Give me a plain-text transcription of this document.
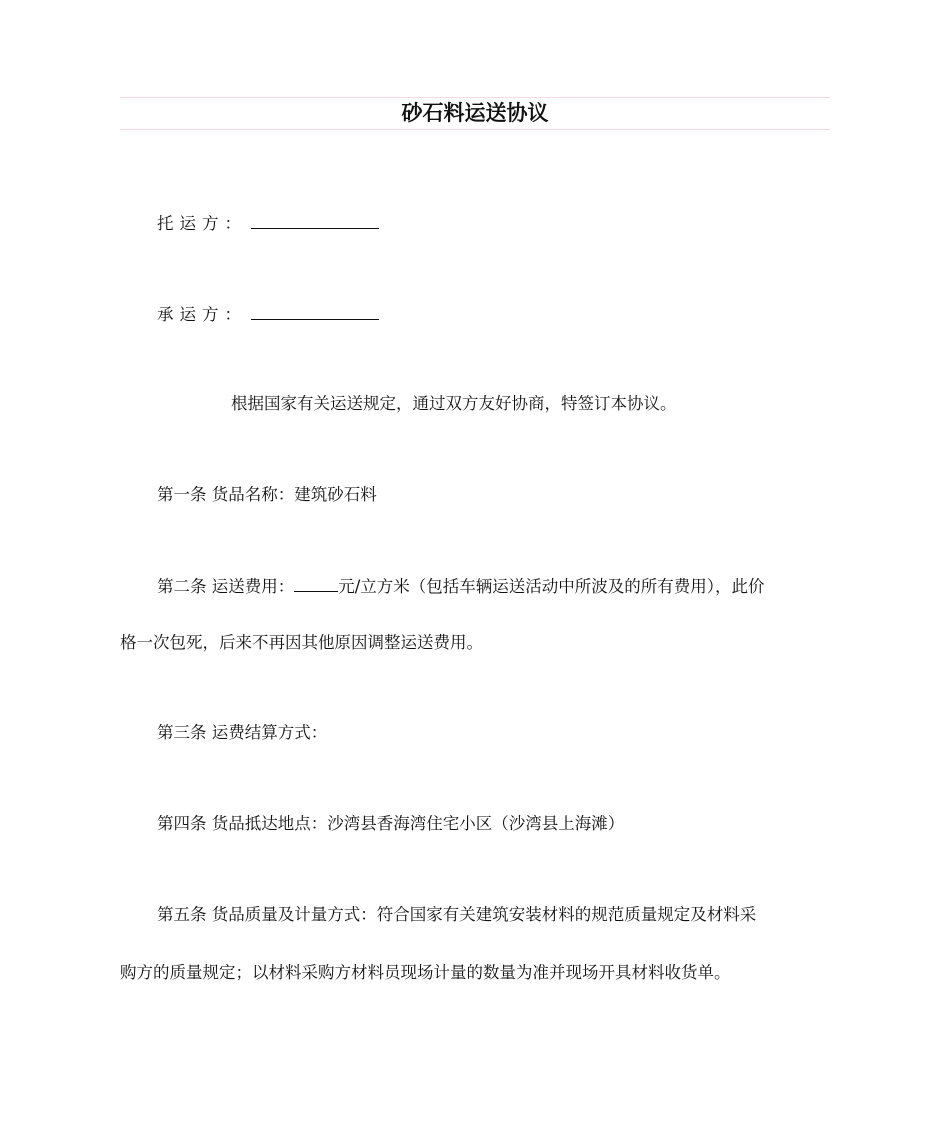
砂石料运送协议
托运方：
承运方：
根据国家有关运送规定，通过双方友好协商，特签订本协议。
第一条 货品名称：建筑砂石料
第二条 运送费用：	元/立方米（包括车辆运送活动中所波及的所有费用），此价
格一次包死，后来不再因其他原因调整运送费用。
第三条 运费结算方式：
第四条 货品抵达地点：沙湾县香海湾住宅小区（沙湾县上海滩）
第五条 货品质量及计量方式：符合国家有关建筑安装材料的规范质量规定及材料采
购方的质量规定；以材料采购方材料员现场计量的数量为准并现场开具材料收货单。
